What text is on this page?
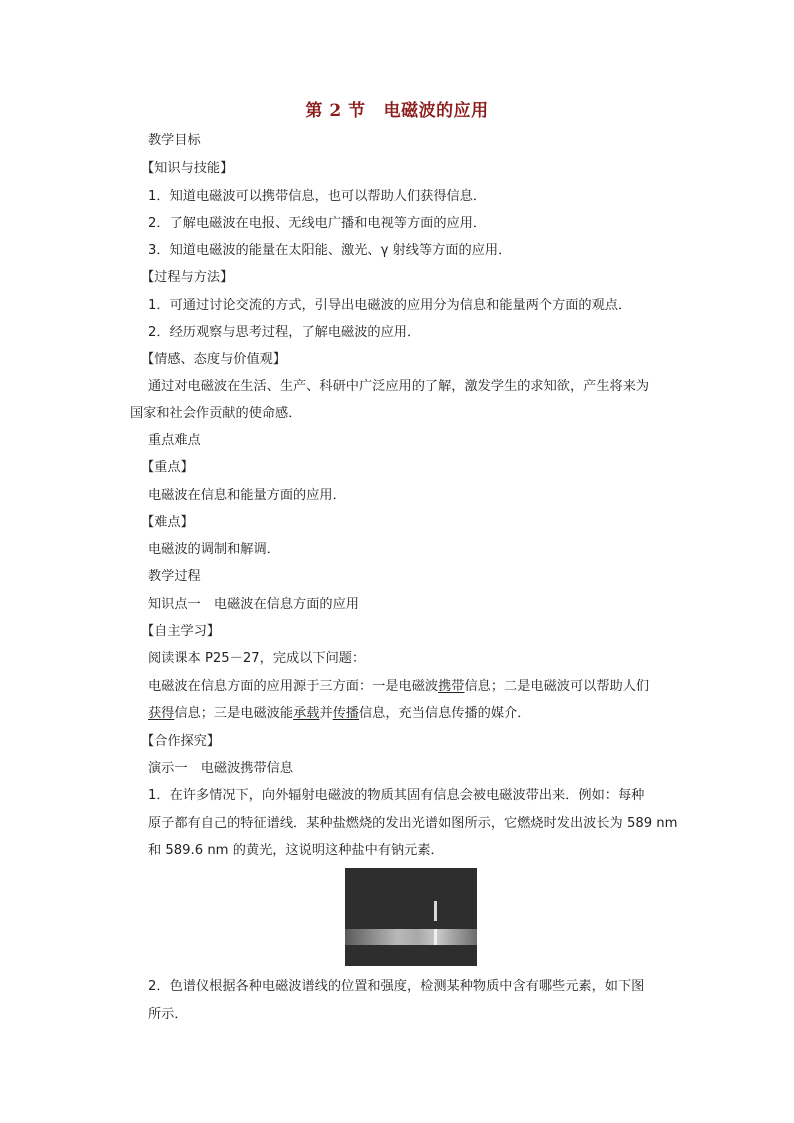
第 2 节 电磁波的应用
教学目标
【知识与技能】
1．知道电磁波可以携带信息，也可以帮助人们获得信息．
2．了解电磁波在电报、无线电广播和电视等方面的应用．
3．知道电磁波的能量在太阳能、激光、γ 射线等方面的应用．
【过程与方法】
1．可通过讨论交流的方式，引导出电磁波的应用分为信息和能量两个方面的观点．
2．经历观察与思考过程，了解电磁波的应用．
【情感、态度与价值观】
通过对电磁波在生活、生产、科研中广泛应用的了解，激发学生的求知欲，产生将来为
国家和社会作贡献的使命感．
重点难点
【重点】
电磁波在信息和能量方面的应用．
【难点】
电磁波的调制和解调．
教学过程
知识点一　电磁波在信息方面的应用
【自主学习】
阅读课本 P25－27，完成以下问题：
电磁波在信息方面的应用源于三方面：一是电磁波携带信息；二是电磁波可以帮助人们
获得信息；三是电磁波能承载并传播信息，充当信息传播的媒介．
【合作探究】
演示一　电磁波携带信息
1．在许多情况下，向外辐射电磁波的物质其固有信息会被电磁波带出来．例如：每种
原子都有自己的特征谱线．某种盐燃烧的发出光谱如图所示，它燃烧时发出波长为 589 nm
和 589.6 nm 的黄光，这说明这种盐中有钠元素．
2．色谱仪根据各种电磁波谱线的位置和强度，检测某种物质中含有哪些元素，如下图
所示．
